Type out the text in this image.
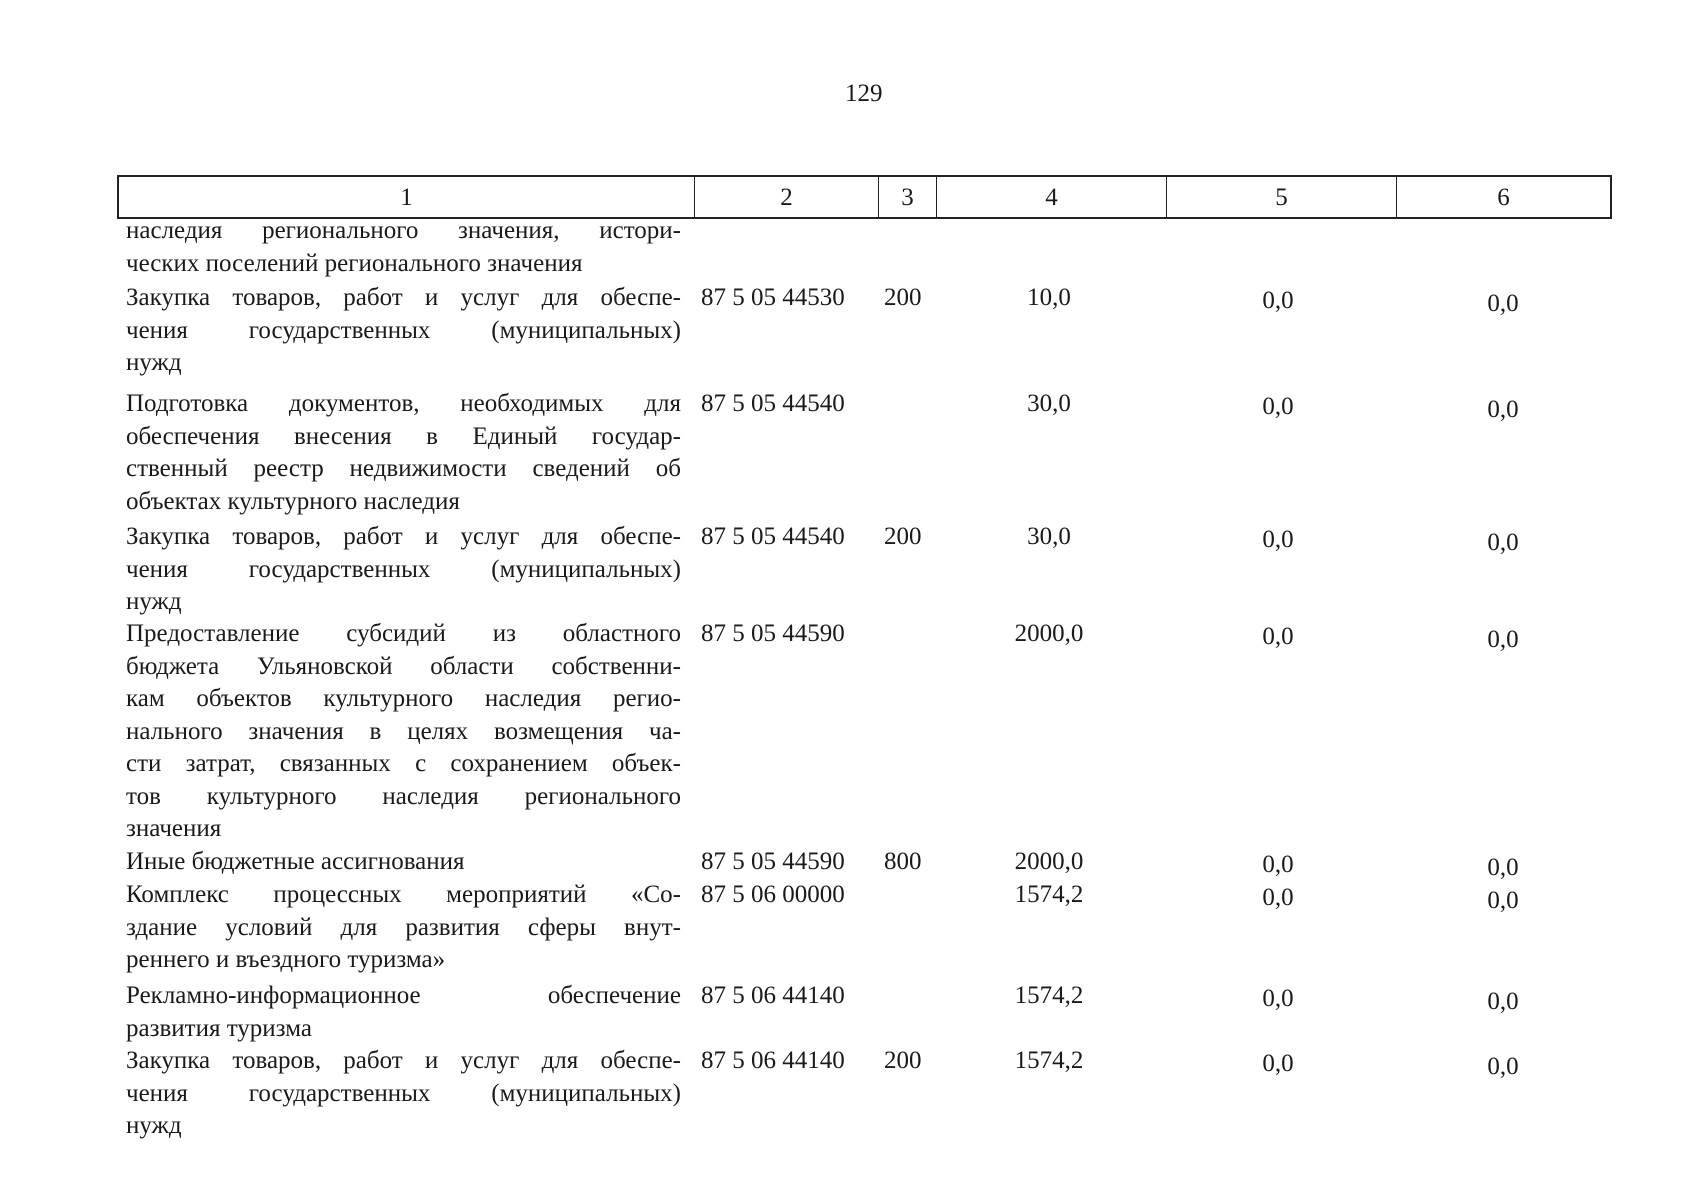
129
1	2	3	4	5	6
наследия регионального значения, истори-
ческих поселений регионального значения
Закупка товаров, работ и услуг для обеспе-
чения государственных (муниципальных)
нужд
87 5 05 44530 200	10,0	0,0	0,0
Подготовка документов, необходимых для
обеспечения внесения в Единый государ-
ственный реестр недвижимости сведений об
объектах культурного наследия
87 5 05 44540	30,0	0,0	0,0
Закупка товаров, работ и услуг для обеспе-
чения государственных (муниципальных)
нужд
87 5 05 44540 200	30,0	0,0	0,0
Предоставление субсидий из областного
бюджета Ульяновской области собственни-
кам объектов культурного наследия регио-
нального значения в целях возмещения ча-
сти затрат, связанных с сохранением объек-
тов культурного наследия регионального
значения
87 5 05 44590	2000,0	0,0	0,0
Иные бюджетные ассигнования	87 5 05 44590 800	2000,0	0,0	0,0
Комплекс процессных мероприятий «Со-
здание условий для развития сферы внут-
реннего и въездного туризма»
87 5 06 00000	1574,2	0,0	0,0
Рекламно-информационное обеспечение
развития туризма
87 5 06 44140	1574,2	0,0	0,0
Закупка товаров, работ и услуг для обеспе-
чения государственных (муниципальных)
нужд
87 5 06 44140 200	1574,2	0,0	0,0
